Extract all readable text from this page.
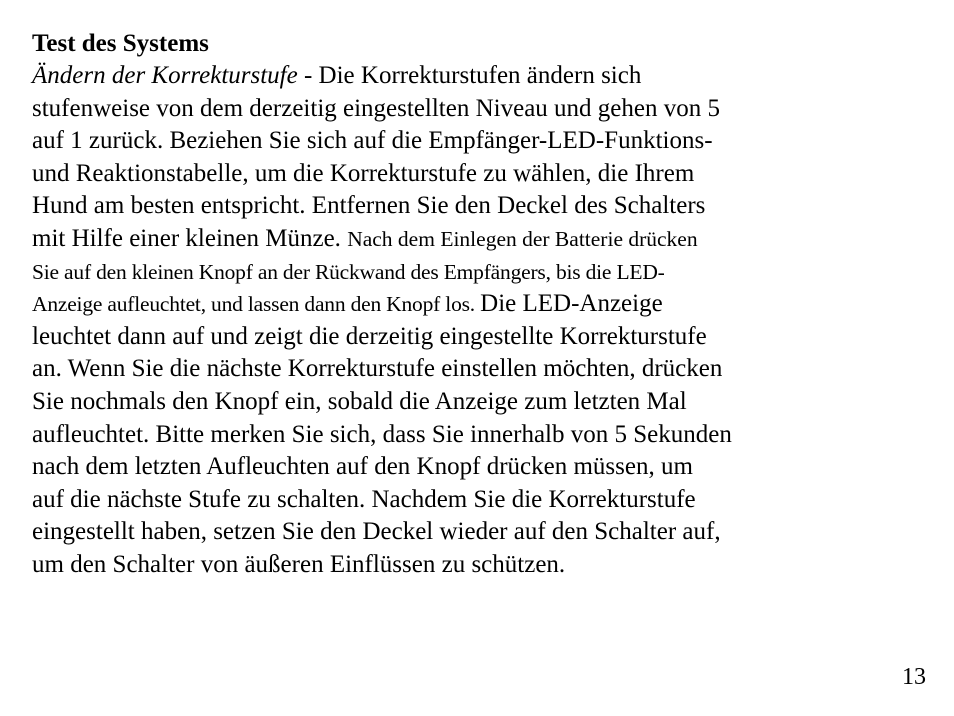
Test des Systems
Ändern der Korrekturstufe - Die Korrekturstufen ändern sich
stufenweise von dem derzeitig eingestellten Niveau und gehen von 5
auf 1 zurück. Beziehen Sie sich auf die Empfänger-LED-Funktions-
und Reaktionstabelle, um die Korrekturstufe zu wählen, die Ihrem
Hund am besten entspricht. Entfernen Sie den Deckel des Schalters
mit Hilfe einer kleinen Münze. Nach dem Einlegen der Batterie drücken
Sie auf den kleinen Knopf an der Rückwand des Empfängers, bis die LED-
Anzeige aufleuchtet, und lassen dann den Knopf los. Die LED-Anzeige
leuchtet dann auf und zeigt die derzeitig eingestellte Korrekturstufe
an. Wenn Sie die nächste Korrekturstufe einstellen möchten, drücken
Sie nochmals den Knopf ein, sobald die Anzeige zum letzten Mal
aufleuchtet. Bitte merken Sie sich, dass Sie innerhalb von 5 Sekunden
nach dem letzten Aufleuchten auf den Knopf drücken müssen, um
auf die nächste Stufe zu schalten. Nachdem Sie die Korrekturstufe
eingestellt haben, setzen Sie den Deckel wieder auf den Schalter auf,
um den Schalter von äußeren Einflüssen zu schützen.
13
